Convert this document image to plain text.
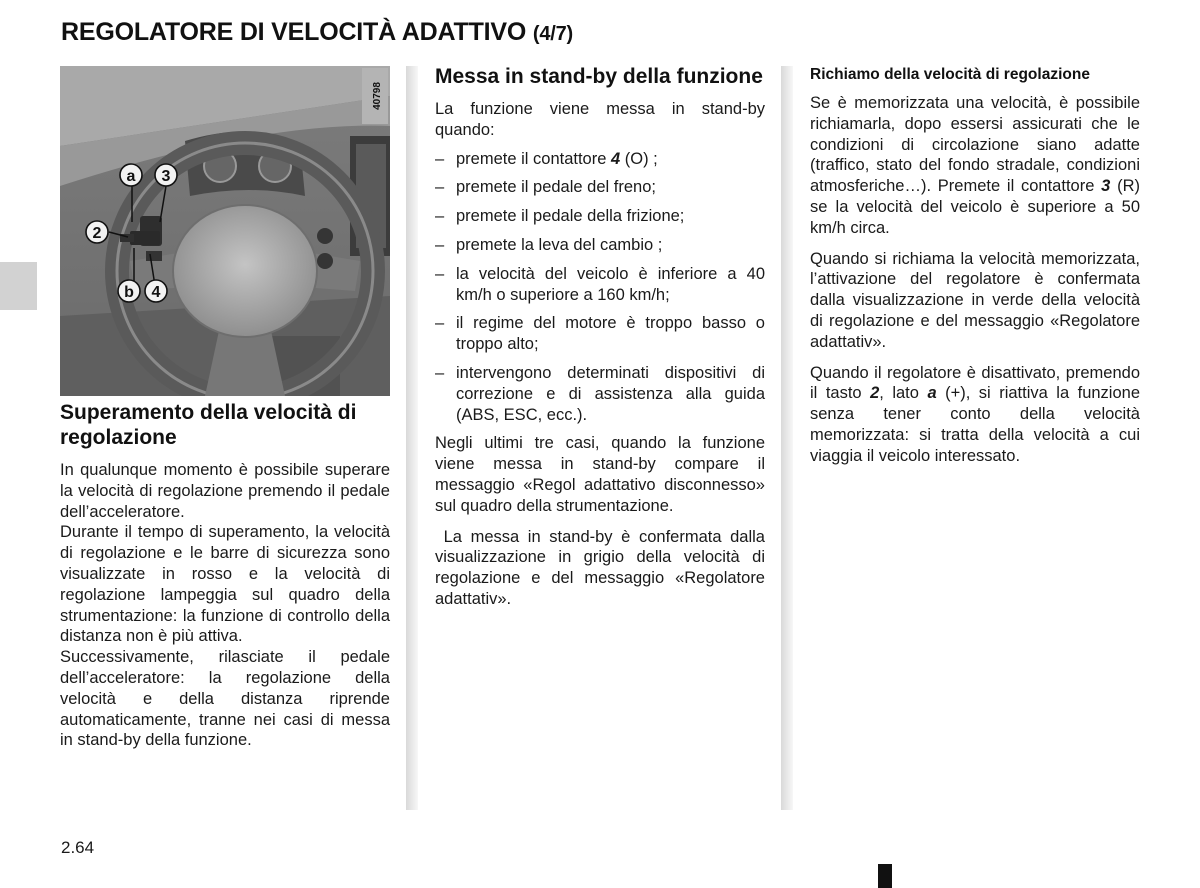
REGOLATORE DI VELOCITÀ ADATTIVO (4/7)
a 3
2
b 4
40798
Superamento della velocità di regolazione

In qualunque momento è possibile superare la velocità di regolazione premendo il pedale dell’acceleratore.

Durante il tempo di superamento, la velocità di regolazione e le barre di sicurezza sono visualizzate in rosso e la velocità di regolazione lampeggia sul quadro della strumentazione: la funzione di controllo della distanza non è più attiva.

Successivamente, rilasciate il pedale dell’acceleratore: la regolazione della velocità e della distanza riprende automaticamente, tranne nei casi di messa in stand-by della funzione.

Messa in stand-by della funzione

La funzione viene messa in stand-by quando:

– premete il contattore 4 (O) ;
– premete il pedale del freno;
– premete il pedale della frizione;
– premete la leva del cambio ;
– la velocità del veicolo è inferiore a 40 km/h o superiore a 160 km/h;
– il regime del motore è troppo basso o troppo alto;
– intervengono determinati dispositivi di correzione e di assistenza alla guida (ABS, ESC, ecc.).

Negli ultimi tre casi, quando la funzione viene messa in stand-by compare il messaggio «Regol adattativo disconnesso» sul quadro della strumentazione.

La messa in stand-by è confermata dalla visualizzazione in grigio della velocità di regolazione e del messaggio «Regolatore adattativ».

Richiamo della velocità di regolazione

Se è memorizzata una velocità, è possibile richiamarla, dopo essersi assicurati che le condizioni di circolazione siano adatte (traffico, stato del fondo stradale, condizioni atmosferiche…). Premete il contattore 3 (R) se la velocità del veicolo è superiore a 50 km/h circa.

Quando si richiama la velocità memorizzata, l’attivazione del regolatore è confermata dalla visualizzazione in verde della velocità di regolazione e del messaggio «Regolatore adattativ».

Quando il regolatore è disattivato, premendo il tasto 2, lato a (+), si riattiva la funzione senza tener conto della velocità memorizzata: si tratta della velocità a cui viaggia il veicolo interessato.

2.64
